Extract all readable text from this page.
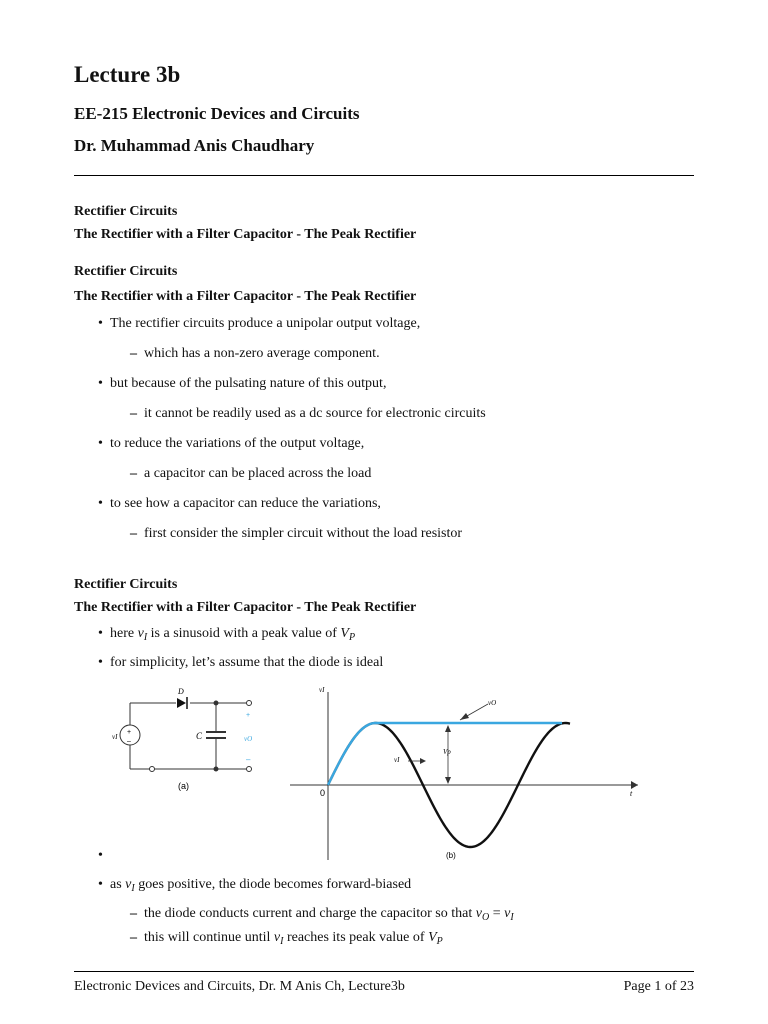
Lecture 3b
EE-215 Electronic Devices and Circuits
Dr. Muhammad Anis Chaudhary
Rectifier Circuits
The Rectifier with a Filter Capacitor - The Peak Rectifier
Rectifier Circuits
The Rectifier with a Filter Capacitor - The Peak Rectifier
• The rectifier circuits produce a unipolar output voltage,
– which has a non-zero average component.
• but because of the pulsating nature of this output,
– it cannot be readily used as a dc source for electronic circuits
• to reduce the variations of the output voltage,
– a capacitor can be placed across the load
• to see how a capacitor can reduce the variations,
– first consider the simpler circuit without the load resistor
Rectifier Circuits
The Rectifier with a Filter Capacitor - The Peak Rectifier
• here $v_I$ is a sinusoid with a peak value of $V_P$
• for simplicity, let’s assume that the diode is ideal
D
C
vI
+
–
+
vO
–
(a)
vI
t
0
vO
vI
Vp
(b)
•
• as $v_I$ goes positive, the diode becomes forward-biased
– the diode conducts current and charge the capacitor so that $v_O = v_I$
– this will continue until $v_I$ reaches its peak value of $V_P$
Electronic Devices and Circuits, Dr. M Anis Ch, Lecture3b	Page 1 of 23
